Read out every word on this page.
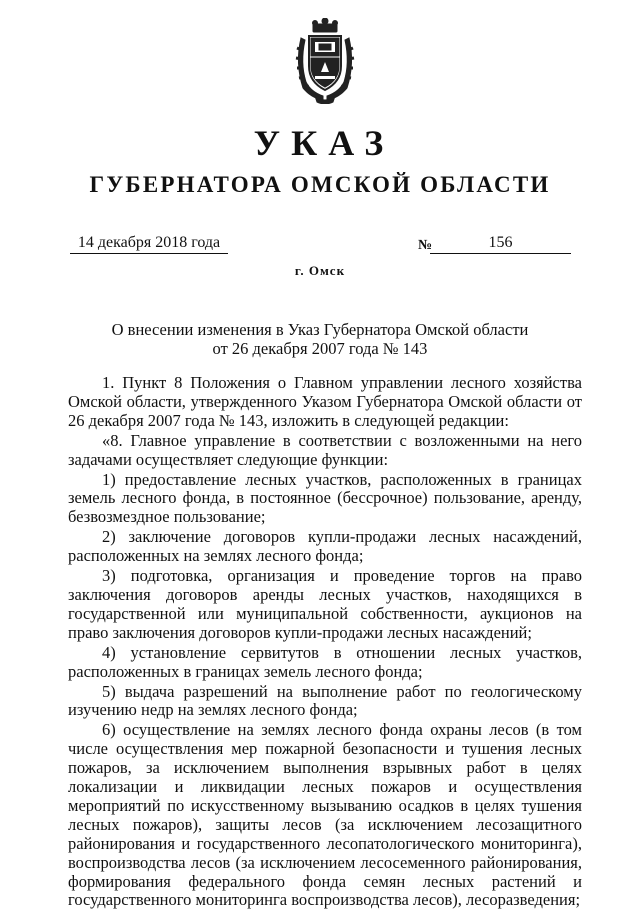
УКАЗ
ГУБЕРНАТОРА ОМСКОЙ ОБЛАСТИ
14 декабря 2018 года	№	156
г. Омск
О внесении изменения в Указ Губернатора Омской области
от 26 декабря 2007 года № 143

1. Пункт 8 Положения о Главном управлении лесного хозяйства Омской области, утвержденного Указом Губернатора Омской области от 26 декабря 2007 года № 143, изложить в следующей редакции:

«8. Главное управление в соответствии с возложенными на него задачами осуществляет следующие функции:

1) предоставление лесных участков, расположенных в границах земель лесного фонда, в постоянное (бессрочное) пользование, аренду, безвозмездное пользование;

2) заключение договоров купли-продажи лесных насаждений, расположенных на землях лесного фонда;

3) подготовка, организация и проведение торгов на право заключения договоров аренды лесных участков, находящихся в государственной или муниципальной собственности, аукционов на право заключения договоров купли-продажи лесных насаждений;

4) установление сервитутов в отношении лесных участков, расположенных в границах земель лесного фонда;

5) выдача разрешений на выполнение работ по геологическому изучению недр на землях лесного фонда;

6) осуществление на землях лесного фонда охраны лесов (в том числе осуществления мер пожарной безопасности и тушения лесных пожаров, за исключением выполнения взрывных работ в целях локализации и ликвидации лесных пожаров и осуществления мероприятий по искусственному вызыванию осадков в целях тушения лесных пожаров), защиты лесов (за исключением лесозащитного районирования и государственного лесопатологического мониторинга), воспроизводства лесов (за исключением лесосеменного районирования, формирования федерального фонда семян лесных растений и государственного мониторинга воспроизводства лесов), лесоразведения;
